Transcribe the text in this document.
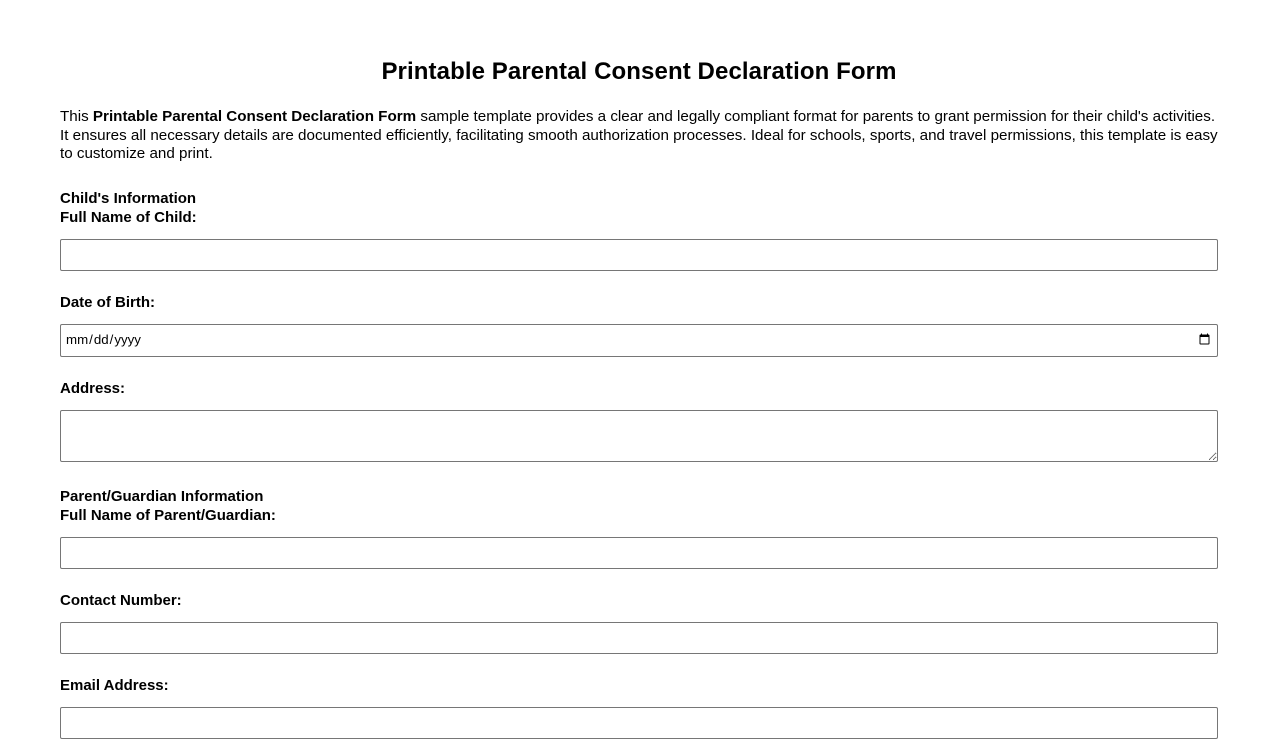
Printable Parental Consent Declaration Form

This Printable Parental Consent Declaration Form sample template provides a clear and legally compliant format for parents to grant permission for their child's activities. It ensures all necessary details are documented efficiently, facilitating smooth authorization processes. Ideal for schools, sports, and travel permissions, this template is easy to customize and print.

Child's Information

Full Name of Child:

Date of Birth:

Address:

Parent/Guardian Information

Full Name of Parent/Guardian:

Contact Number:

Email Address:
